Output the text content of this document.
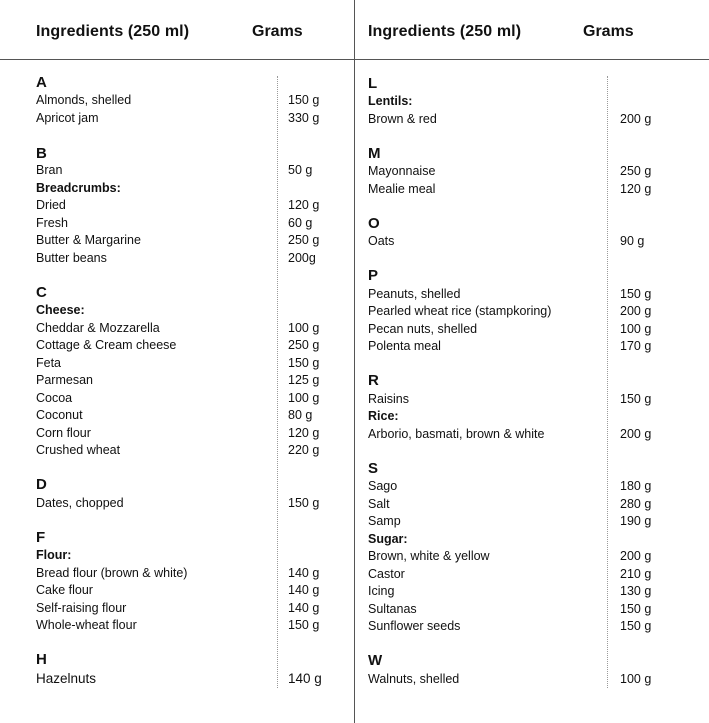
Ingredients (250 ml)	Grams
A
Almonds, shelled	150 g
Apricot jam	330 g
B
Bran	50 g
Breadcrumbs:
Dried	120 g
Fresh	60 g
Butter & Margarine	250 g
Butter beans	200g
C
Cheese:
Cheddar & Mozzarella	100 g
Cottage & Cream cheese	250 g
Feta	150 g
Parmesan	125 g
Cocoa	100 g
Coconut	80 g
Corn flour	120 g
Crushed wheat	220 g
D
Dates, chopped	150 g
F
Flour:
Bread flour (brown & white)	140 g
Cake flour	140 g
Self-raising flour	140 g
Whole-wheat flour	150 g
H
Hazelnuts	140 g
Ingredients (250 ml)	Grams
L
Lentils:
Brown & red	200 g
M
Mayonnaise	250 g
Mealie meal	120 g
O
Oats	90 g
P
Peanuts, shelled	150 g
Pearled wheat rice (stampkoring)	200 g
Pecan nuts, shelled	100 g
Polenta meal	170 g
R
Raisins	150 g
Rice:
Arborio, basmati, brown & white	200 g
S
Sago	180 g
Salt	280 g
Samp	190 g
Sugar:
Brown, white & yellow	200 g
Castor	210 g
Icing	130 g
Sultanas	150 g
Sunflower seeds	150 g
W
Walnuts, shelled	100 g
